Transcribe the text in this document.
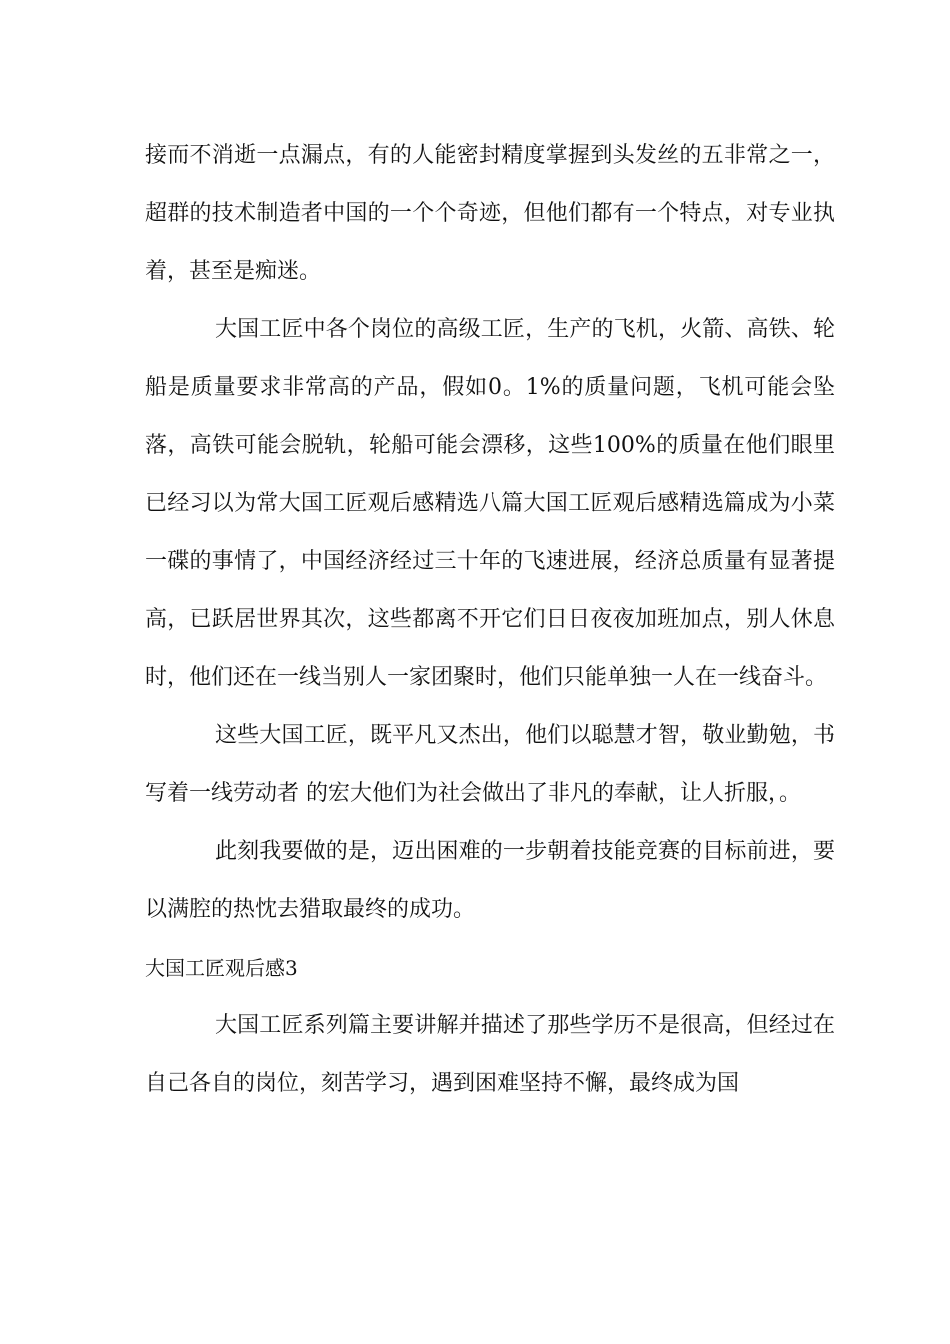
接而不消逝一点漏点，有的人能密封精度掌握到头发丝的五非常之一，超群的技术制造者中国的一个个奇迹，但他们都有一个特点，对专业执着，甚至是痴迷。

大国工匠中各个岗位的高级工匠，生产的飞机，火箭、高铁、轮船是质量要求非常高的产品，假如0。1%的质量问题，飞机可能会坠落，高铁可能会脱轨，轮船可能会漂移，这些100%的质量在他们眼里已经习以为常大国工匠观后感精选八篇大国工匠观后感精选篇成为小菜一碟的事情了，中国经济经过三十年的飞速进展，经济总质量有显著提高，已跃居世界其次，这些都离不开它们日日夜夜加班加点，别人休息时，他们还在一线当别人一家团聚时，他们只能单独一人在一线奋斗。

这些大国工匠，既平凡又杰出，他们以聪慧才智，敬业勤勉，书写着一线劳动者 的宏大他们为社会做出了非凡的奉献，让人折服，。

此刻我要做的是，迈出困难的一步朝着技能竞赛的目标前进，要以满腔的热忱去猎取最终的成功。

大国工匠观后感3

大国工匠系列篇主要讲解并描述了那些学历不是很高，但经过在自己各自的岗位，刻苦学习，遇到困难坚持不懈，最终成为国
